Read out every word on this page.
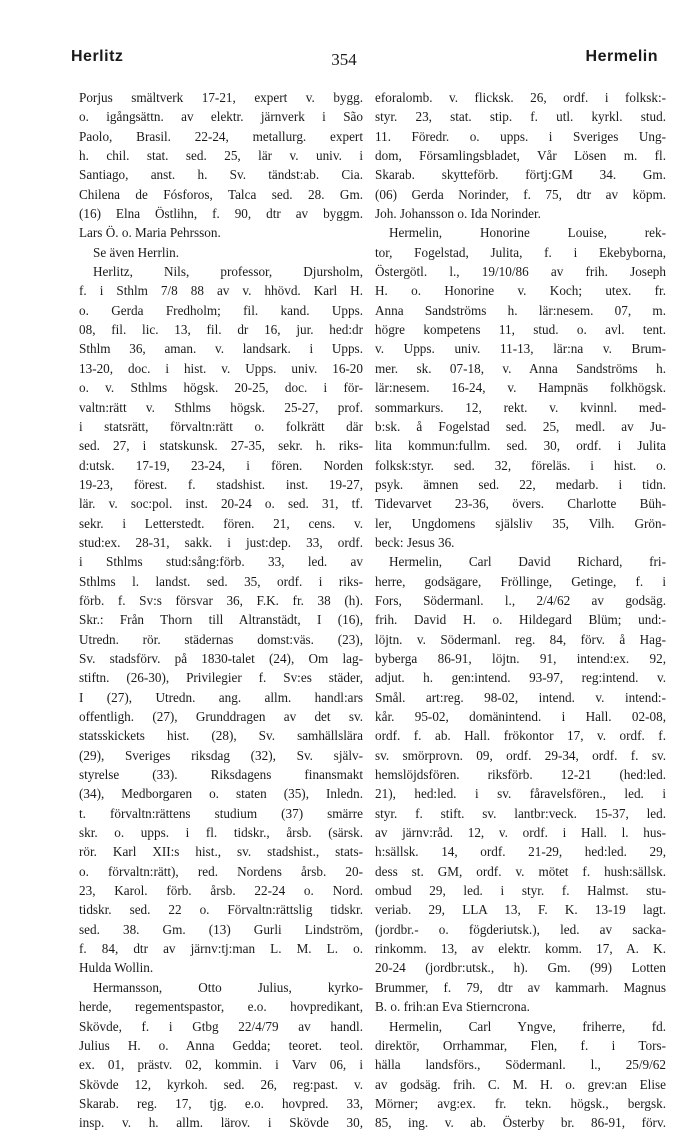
Herlitz	354	Hermelin
Porjus smältverk 17-21, expert v. bygg.
o. igångsättn. av elektr. järnverk i São
Paolo, Brasil. 22-24, metallurg. expert
h. chil. stat. sed. 25, lär v. univ. i
Santiago, anst. h. Sv. tändst:ab. Cia.
Chilena de Fósforos, Talca sed. 28. Gm.
(16) Elna Östlihn, f. 90, dtr av byggm.
Lars Ö. o. Maria Pehrsson.
Se även Herrlin.
Herlitz, Nils, professor, Djursholm,
f. i Sthlm 7/8 88 av v. hhövd. Karl H.
o. Gerda Fredholm; fil. kand. Upps.
08, fil. lic. 13, fil. dr 16, jur. hed:dr
Sthlm 36, aman. v. landsark. i Upps.
13-20, doc. i hist. v. Upps. univ. 16-20
o. v. Sthlms högsk. 20-25, doc. i för-
valtn:rätt v. Sthlms högsk. 25-27, prof.
i statsrätt, förvaltn:rätt o. folkrätt där
sed. 27, i statskunsk. 27-35, sekr. h. riks-
d:utsk. 17-19, 23-24, i fören. Norden
19-23, förest. f. stadshist. inst. 19-27,
lär. v. soc:pol. inst. 20-24 o. sed. 31, tf.
sekr. i Letterstedt. fören. 21, cens. v.
stud:ex. 28-31, sakk. i just:dep. 33, ordf.
i Sthlms stud:sång:förb. 33, led. av
Sthlms l. landst. sed. 35, ordf. i riks-
förb. f. Sv:s försvar 36, F.K. fr. 38 (h).
Skr.: Från Thorn till Altranstädt, I (16),
Utredn. rör. städernas domst:väs. (23),
Sv. stadsförv. på 1830-talet (24), Om lag-
stiftn. (26-30), Privilegier f. Sv:es städer,
I (27), Utredn. ang. allm. handl:ars
offentligh. (27), Grunddragen av det sv.
statsskickets hist. (28), Sv. samhällslära
(29), Sveriges riksdag (32), Sv. själv-
styrelse (33). Riksdagens finansmakt
(34), Medborgaren o. staten (35), Inledn.
t. förvaltn:rättens studium (37) smärre
skr. o. upps. i fl. tidskr., årsb. (särsk.
rör. Karl XII:s hist., sv. stadshist., stats-
o. förvaltn:rätt), red. Nordens årsb. 20-
23, Karol. förb. årsb. 22-24 o. Nord.
tidskr. sed. 22 o. Förvaltn:rättslig tidskr.
sed. 38. Gm. (13) Gurli Lindström,
f. 84, dtr av järnv:tj:man L. M. L. o.
Hulda Wollin.
Hermansson, Otto Julius, kyrko-
herde, regementspastor, e.o. hovpredikant,
Skövde, f. i Gtbg 22/4/79 av handl.
Julius H. o. Anna Gedda; teoret. teol.
ex. 01, prästv. 02, kommin. i Varv 06, i
Skövde 12, kyrkoh. sed. 26, reg:past. v.
Skarab. reg. 17, tjg. e.o. hovpred. 33,
insp. v. h. allm. lärov. i Skövde 30,
eforalomb. v. flicksk. 26, ordf. i folksk:-
styr. 23, stat. stip. f. utl. kyrkl. stud.
11. Föredr. o. upps. i Sveriges Ung-
dom, Församlingsbladet, Vår Lösen m. fl.
Skarab. skytteförb. förtj:GM 34. Gm.
(06) Gerda Norinder, f. 75, dtr av köpm.
Joh. Johansson o. Ida Norinder.
Hermelin, Honorine Louise, rek-
tor, Fogelstad, Julita, f. i Ekebyborna,
Östergötl. l., 19/10/86 av frih. Joseph
H. o. Honorine v. Koch; utex. fr.
Anna Sandströms h. lär:nesem. 07, m.
högre kompetens 11, stud. o. avl. tent.
v. Upps. univ. 11-13, lär:na v. Brum-
mer. sk. 07-18, v. Anna Sandströms h.
lär:nesem. 16-24, v. Hampnäs folkhögsk.
sommarkurs. 12, rekt. v. kvinnl. med-
b:sk. å Fogelstad sed. 25, medl. av Ju-
lita kommun:fullm. sed. 30, ordf. i Julita
folksk:styr. sed. 32, föreläs. i hist. o.
psyk. ämnen sed. 22, medarb. i tidn.
Tidevarvet 23-36, övers. Charlotte Büh-
ler, Ungdomens själsliv 35, Vilh. Grön-
beck: Jesus 36.
Hermelin, Carl David Richard, fri-
herre, godsägare, Fröllinge, Getinge, f. i
Fors, Södermanl. l., 2/4/62 av godsäg.
frih. David H. o. Hildegard Blüm; und:-
löjtn. v. Södermanl. reg. 84, förv. å Hag-
byberga 86-91, löjtn. 91, intend:ex. 92,
adjut. h. gen:intend. 93-97, reg:intend. v.
Smål. art:reg. 98-02, intend. v. intend:-
kår. 95-02, domänintend. i Hall. 02-08,
ordf. f. ab. Hall. frökontor 17, v. ordf. f.
sv. smörprovn. 09, ordf. 29-34, ordf. f. sv.
hemslöjdsfören. riksförb. 12-21 (hed:led.
21), hed:led. i sv. fåravelsfören., led. i
styr. f. stift. sv. lantbr:veck. 15-37, led.
av järnv:råd. 12, v. ordf. i Hall. l. hus-
h:sällsk. 14, ordf. 21-29, hed:led. 29,
dess st. GM, ordf. v. mötet f. hush:sällsk.
ombud 29, led. i styr. f. Halmst. stu-
veriab. 29, LLA 13, F. K. 13-19 lagt.
(jordbr.- o. fögderiutsk.), led. av sacka-
rinkomm. 13, av elektr. komm. 17, A. K.
20-24 (jordbr:utsk., h). Gm. (99) Lotten
Brummer, f. 79, dtr av kammarh. Magnus
B. o. frih:an Eva Stierncrona.
Hermelin, Carl Yngve, friherre, fd.
direktör, Orrhammar, Flen, f. i Tors-
hälla landsförs., Södermanl. l., 25/9/62
av godsäg. frih. C. M. H. o. grev:an Elise
Mörner; avg:ex. fr. tekn. högsk., bergsk.
85, ing. v. ab. Österby br. 86-91, förv.
